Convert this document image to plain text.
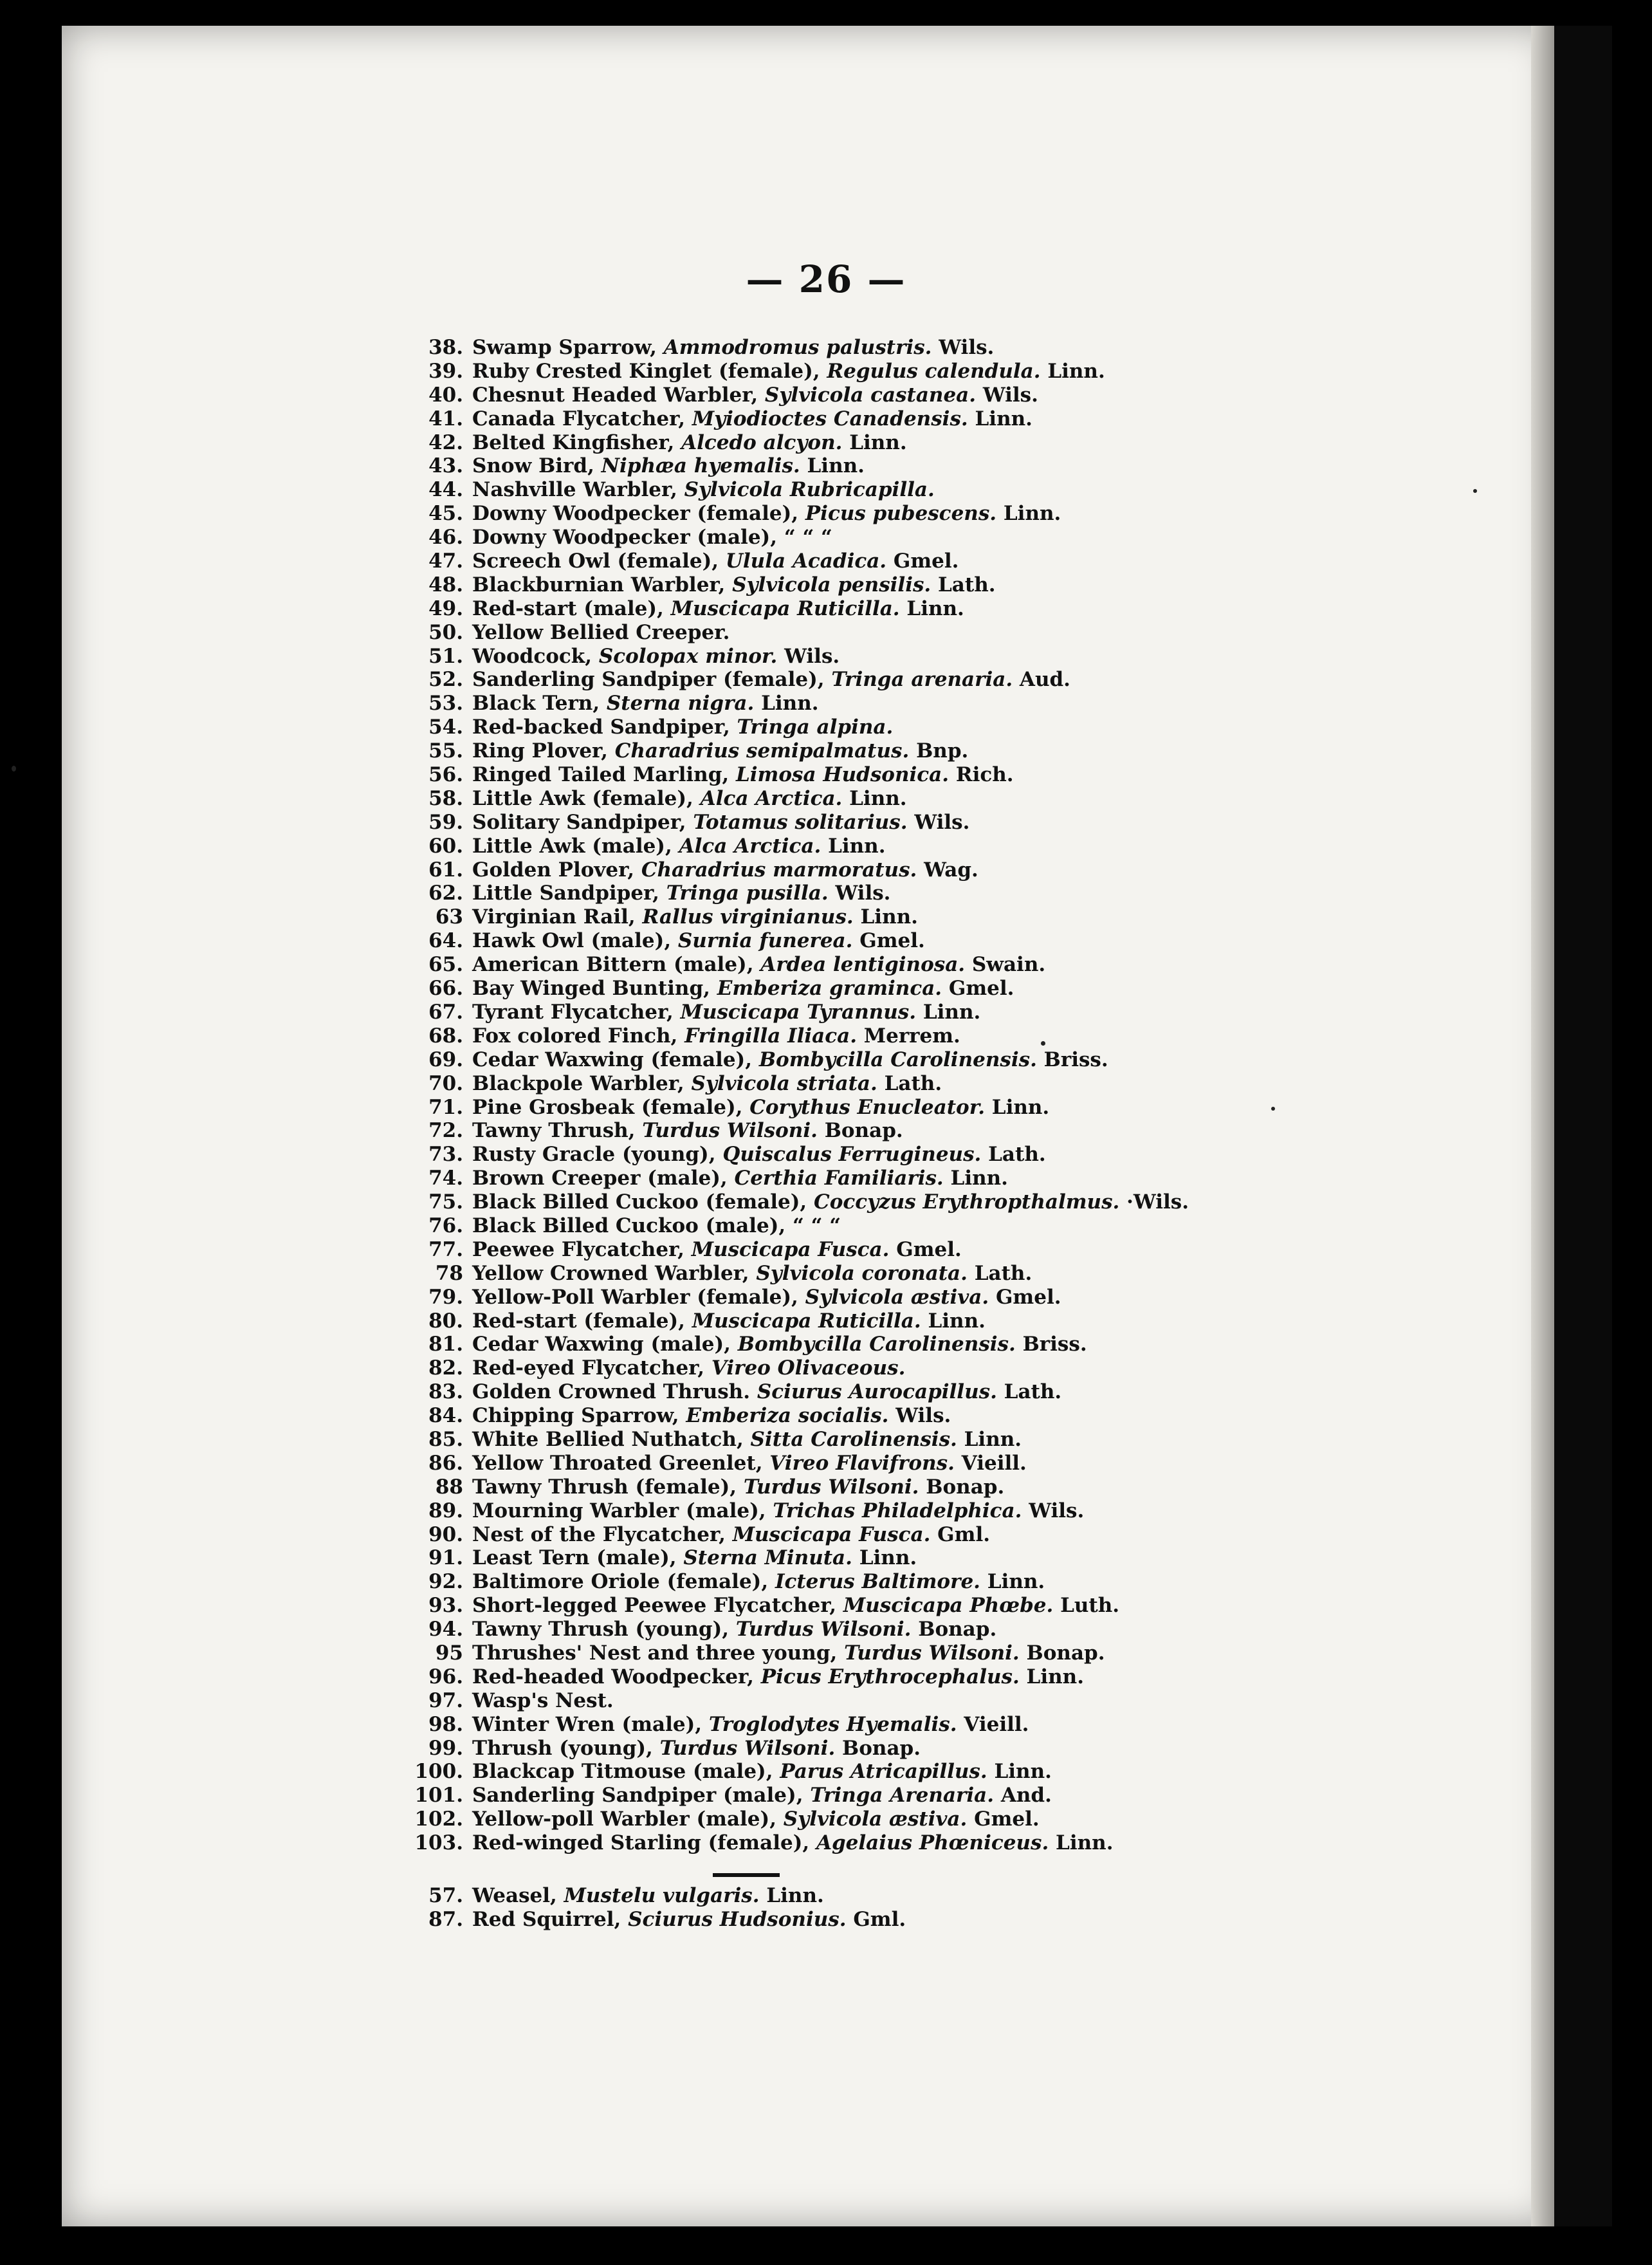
— 26 —
38. Swamp Sparrow, Ammodromus palustris. Wils.
39. Ruby Crested Kinglet (female), Regulus calendula. Linn.
40. Chesnut Headed Warbler, Sylvicola castanea. Wils.
41. Canada Flycatcher, Myiodioctes Canadensis. Linn.
42. Belted Kingfisher, Alcedo alcyon. Linn.
43. Snow Bird, Niphæa hyemalis. Linn.
44. Nashville Warbler, Sylvicola Rubricapilla.
45. Downy Woodpecker (female), Picus pubescens. Linn.
46. Downy Woodpecker (male), “ “ “
47. Screech Owl (female), Ulula Acadica. Gmel.
48. Blackburnian Warbler, Sylvicola pensilis. Lath.
49. Red-start (male), Muscicapa Ruticilla. Linn.
50. Yellow Bellied Creeper.
51. Woodcock, Scolopax minor. Wils.
52. Sanderling Sandpiper (female), Tringa arenaria. Aud.
53. Black Tern, Sterna nigra. Linn.
54. Red-backed Sandpiper, Tringa alpina.
55. Ring Plover, Charadrius semipalmatus. Bnp.
56. Ringed Tailed Marling, Limosa Hudsonica. Rich.
58. Little Awk (female), Alca Arctica. Linn.
59. Solitary Sandpiper, Totamus solitarius. Wils.
60. Little Awk (male), Alca Arctica. Linn.
61. Golden Plover, Charadrius marmoratus. Wag.
62. Little Sandpiper, Tringa pusilla. Wils.
63 Virginian Rail, Rallus virginianus. Linn.
64. Hawk Owl (male), Surnia funerea. Gmel.
65. American Bittern (male), Ardea lentiginosa. Swain.
66. Bay Winged Bunting, Emberiza graminca. Gmel.
67. Tyrant Flycatcher, Muscicapa Tyrannus. Linn.
68. Fox colored Finch, Fringilla Iliaca. Merrem.
69. Cedar Waxwing (female), Bombycilla Carolinensis. Briss.
70. Blackpole Warbler, Sylvicola striata. Lath.
71. Pine Grosbeak (female), Corythus Enucleator. Linn.
72. Tawny Thrush, Turdus Wilsoni. Bonap.
73. Rusty Gracle (young), Quiscalus Ferrugineus. Lath.
74. Brown Creeper (male), Certhia Familiaris. Linn.
75. Black Billed Cuckoo (female), Coccyzus Erythropthalmus. ·Wils.
76. Black Billed Cuckoo (male), “ “ “
77. Peewee Flycatcher, Muscicapa Fusca. Gmel.
78 Yellow Crowned Warbler, Sylvicola coronata. Lath.
79. Yellow-Poll Warbler (female), Sylvicola æstiva. Gmel.
80. Red-start (female), Muscicapa Ruticilla. Linn.
81. Cedar Waxwing (male), Bombycilla Carolinensis. Briss.
82. Red-eyed Flycatcher, Vireo Olivaceous.
83. Golden Crowned Thrush. Sciurus Aurocapillus. Lath.
84. Chipping Sparrow, Emberiza socialis. Wils.
85. White Bellied Nuthatch, Sitta Carolinensis. Linn.
86. Yellow Throated Greenlet, Vireo Flavifrons. Vieill.
88 Tawny Thrush (female), Turdus Wilsoni. Bonap.
89. Mourning Warbler (male), Trichas Philadelphica. Wils.
90. Nest of the Flycatcher, Muscicapa Fusca. Gml.
91. Least Tern (male), Sterna Minuta. Linn.
92. Baltimore Oriole (female), Icterus Baltimore. Linn.
93. Short-legged Peewee Flycatcher, Muscicapa Phœbe. Luth.
94. Tawny Thrush (young), Turdus Wilsoni. Bonap.
95 Thrushes' Nest and three young, Turdus Wilsoni. Bonap.
96. Red-headed Woodpecker, Picus Erythrocephalus. Linn.
97. Wasp's Nest.
98. Winter Wren (male), Troglodytes Hyemalis. Vieill.
99. Thrush (young), Turdus Wilsoni. Bonap.
100. Blackcap Titmouse (male), Parus Atricapillus. Linn.
101. Sanderling Sandpiper (male), Tringa Arenaria. And.
102. Yellow-poll Warbler (male), Sylvicola æstiva. Gmel.
103. Red-winged Starling (female), Agelaius Phœniceus. Linn.
57. Weasel, Mustelu vulgaris. Linn.
87. Red Squirrel, Sciurus Hudsonius. Gml.
